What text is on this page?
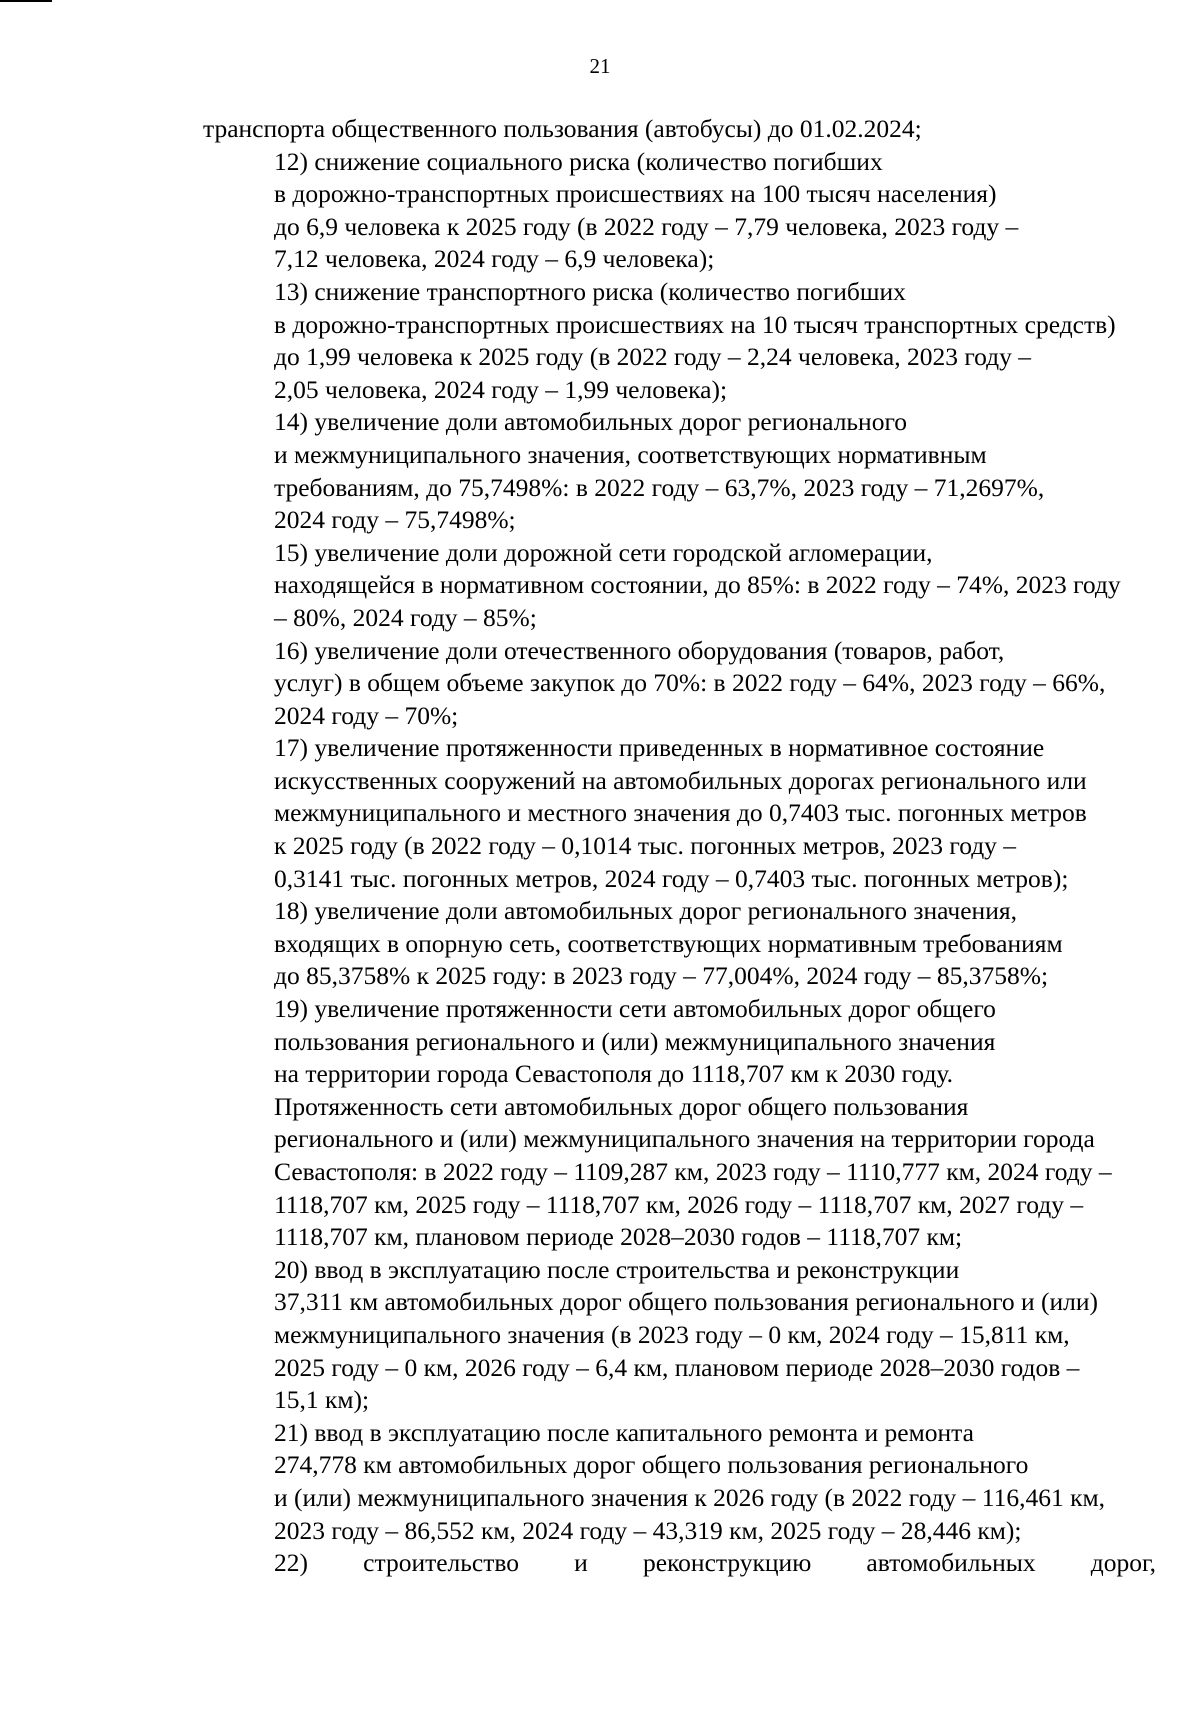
21

транспорта общественного пользования (автобусы) до 01.02.2024;

12) снижение социального риска (количество погибших
в дорожно-транспортных происшествиях на 100 тысяч населения)
до 6,9 человека к 2025 году (в 2022 году – 7,79 человека, 2023 году –
7,12 человека, 2024 году – 6,9 человека);

13) снижение транспортного риска (количество погибших
в дорожно-транспортных происшествиях на 10 тысяч транспортных средств)
до 1,99 человека к 2025 году (в 2022 году – 2,24 человека, 2023 году –
2,05 человека, 2024 году – 1,99 человека);

14) увеличение доли автомобильных дорог регионального
и межмуниципального значения, соответствующих нормативным
требованиям, до 75,7498%: в 2022 году – 63,7%, 2023 году – 71,2697%,
2024 году – 75,7498%;

15) увеличение доли дорожной сети городской агломерации,
находящейся в нормативном состоянии, до 85%: в 2022 году – 74%, 2023 году
– 80%, 2024 году – 85%;

16) увеличение доли отечественного оборудования (товаров, работ,
услуг) в общем объеме закупок до 70%: в 2022 году – 64%, 2023 году – 66%,
2024 году – 70%;

17) увеличение протяженности приведенных в нормативное состояние
искусственных сооружений на автомобильных дорогах регионального или
межмуниципального и местного значения до 0,7403 тыс. погонных метров
к 2025 году (в 2022 году – 0,1014 тыс. погонных метров, 2023 году –
0,3141 тыс. погонных метров, 2024 году – 0,7403 тыс. погонных метров);

18) увеличение доли автомобильных дорог регионального значения,
входящих в опорную сеть, соответствующих нормативным требованиям
до 85,3758% к 2025 году: в 2023 году – 77,004%, 2024 году – 85,3758%;

19) увеличение протяженности сети автомобильных дорог общего
пользования регионального и (или) межмуниципального значения
на территории города Севастополя до 1118,707 км к 2030 году.
Протяженность сети автомобильных дорог общего пользования
регионального и (или) межмуниципального значения на территории города
Севастополя: в 2022 году – 1109,287 км, 2023 году – 1110,777 км, 2024 году –
1118,707 км, 2025 году – 1118,707 км, 2026 году – 1118,707 км, 2027 году –
1118,707 км, плановом периоде 2028–2030 годов – 1118,707 км;

20) ввод в эксплуатацию после строительства и реконструкции
37,311 км автомобильных дорог общего пользования регионального и (или)
межмуниципального значения (в 2023 году – 0 км, 2024 году – 15,811 км,
2025 году – 0 км, 2026 году – 6,4 км, плановом периоде 2028–2030 годов –
15,1 км);

21) ввод в эксплуатацию после капитального ремонта и ремонта
274,778 км автомобильных дорог общего пользования регионального
и (или) межмуниципального значения к 2026 году (в 2022 году – 116,461 км,
2023 году – 86,552 км, 2024 году – 43,319 км, 2025 году – 28,446 км);

22) строительство и реконструкцию автомобильных дорог,
